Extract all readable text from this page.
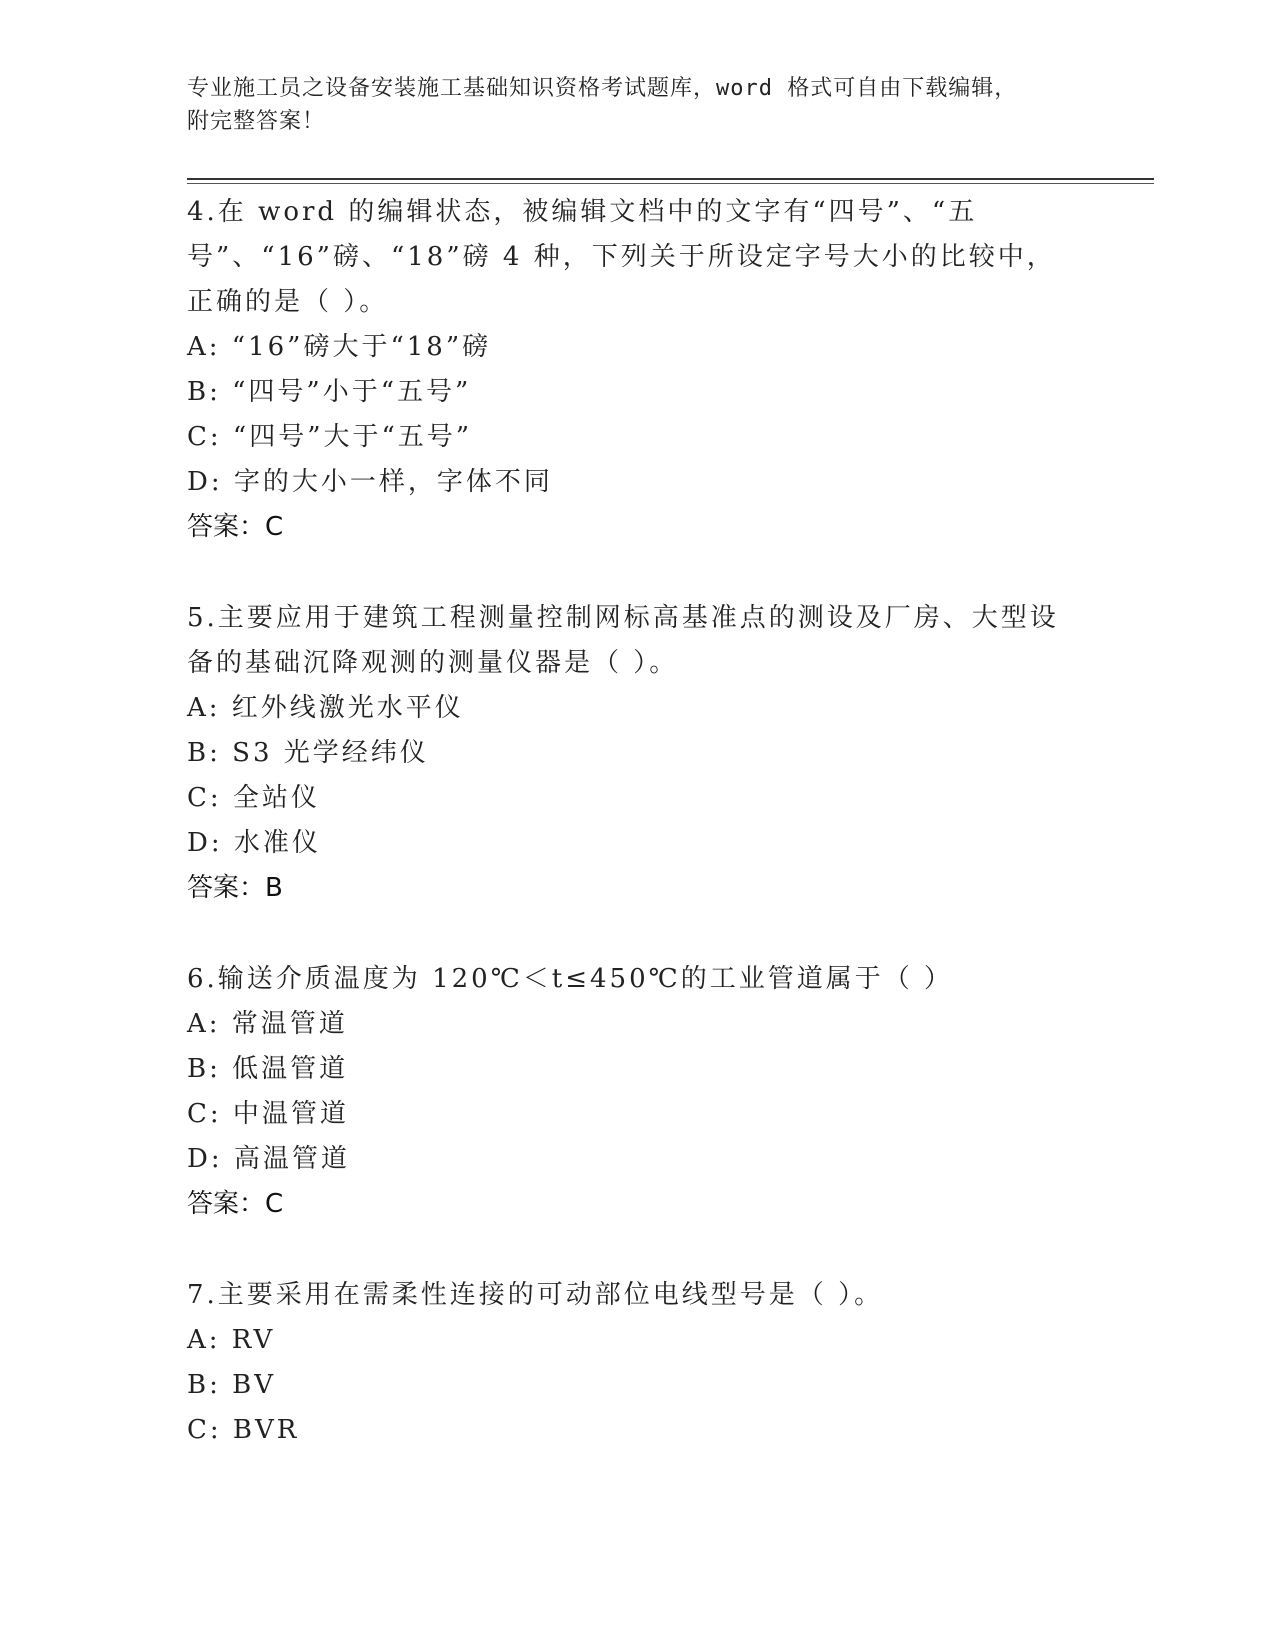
专业施工员之设备安装施工基础知识资格考试题库，word 格式可自由下载编辑，
附完整答案！

4.在 word 的编辑状态，被编辑文档中的文字有“四号”、“五号”、“16”磅、“18”磅 4 种，下列关于所设定字号大小的比较中，正确的是（ ）。

A: “16”磅大于“18”磅

B: “四号”小于“五号”

C: “四号”大于“五号”

D: 字的大小一样，字体不同

答案：C

5.主要应用于建筑工程测量控制网标高基准点的测设及厂房、大型设备的基础沉降观测的测量仪器是（ ）。

A: 红外线激光水平仪

B: S3 光学经纬仪

C: 全站仪

D: 水准仪

答案：B

6.输送介质温度为 120℃＜t≤450℃的工业管道属于（ ）

A: 常温管道

B: 低温管道

C: 中温管道

D: 高温管道

答案：C

7.主要采用在需柔性连接的可动部位电线型号是（ ）。

A: RV

B: BV

C: BVR
